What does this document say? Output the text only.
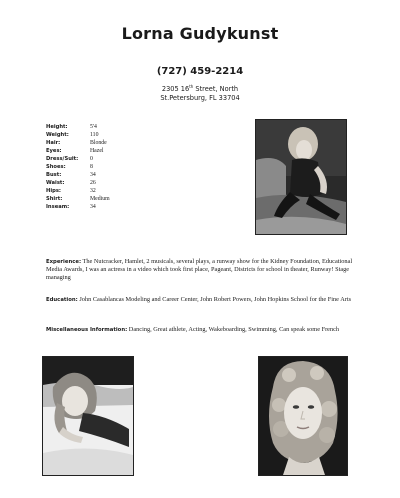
Lorna Gudykunst
(727) 459-2214
2305 16th Street, North
St.Petersburg, FL 33704
Height:	5'4
Weight:	110
Hair:	Blonde
Eyes:	Hazel
Dress/Suit: 0
Shoes:	8
Bust:	34
Waist:	26
Hips:	32
Shirt:	Medium
Inseam:	34
Experience: The Nutcracker, Hamlet, 2 musicals, several plays, a runway show for the Kidney Foundation, Educational Media Awards, I was an actress in a video which took first place, Pageant, Districts for school in theater, Runway! Stage managing
Education: John Casablancas Modeling and Career Center, John Robert Powers, John Hopkins School for the Fine Arts
Miscellaneous Information: Dancing, Great athlete, Acting, Wakeboarding, Swimming, Can speak some French
